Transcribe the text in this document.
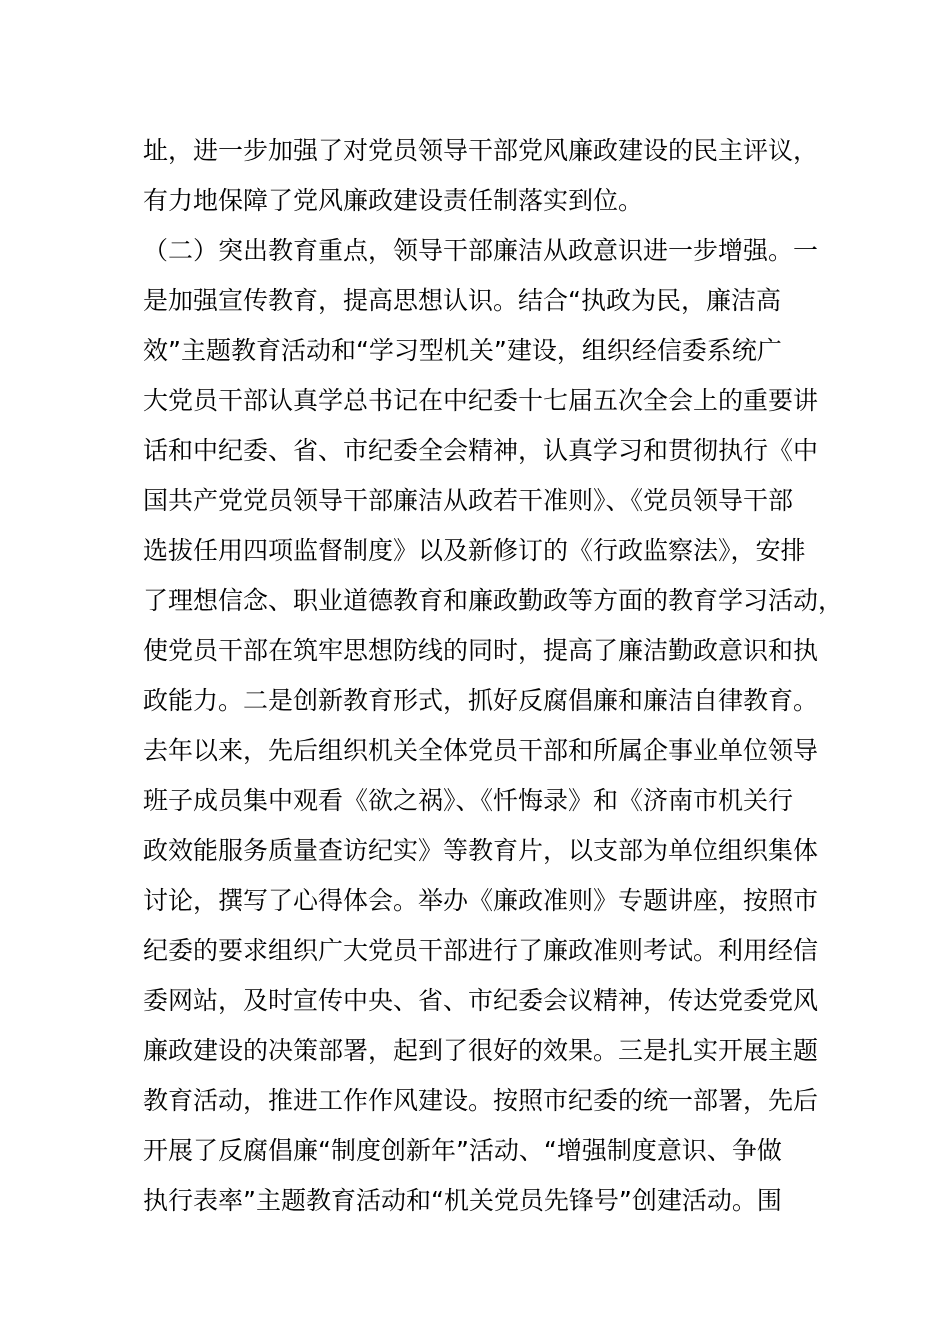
址，进一步加强了对党员领导干部党风廉政建设的民主评议，
有力地保障了党风廉政建设责任制落实到位。
（二）突出教育重点，领导干部廉洁从政意识进一步增强。一
是加强宣传教育，提高思想认识。结合“执政为民，廉洁高
效”主题教育活动和“学习型机关”建设，组织经信委系统广
大党员干部认真学总书记在中纪委十七届五次全会上的重要讲
话和中纪委、省、市纪委全会精神，认真学习和贯彻执行《中
国共产党党员领导干部廉洁从政若干准则》、《党员领导干部
选拔任用四项监督制度》以及新修订的《行政监察法》，安排
了理想信念、职业道德教育和廉政勤政等方面的教育学习活动，
使党员干部在筑牢思想防线的同时，提高了廉洁勤政意识和执
政能力。二是创新教育形式，抓好反腐倡廉和廉洁自律教育。
去年以来，先后组织机关全体党员干部和所属企事业单位领导
班子成员集中观看《欲之祸》、《忏悔录》和《济南市机关行
政效能服务质量查访纪实》等教育片，以支部为单位组织集体
讨论，撰写了心得体会。举办《廉政准则》专题讲座，按照市
纪委的要求组织广大党员干部进行了廉政准则考试。利用经信
委网站，及时宣传中央、省、市纪委会议精神，传达党委党风
廉政建设的决策部署，起到了很好的效果。三是扎实开展主题
教育活动，推进工作作风建设。按照市纪委的统一部署，先后
开展了反腐倡廉“制度创新年”活动、“增强制度意识、争做
执行表率”主题教育活动和“机关党员先锋号”创建活动。围
